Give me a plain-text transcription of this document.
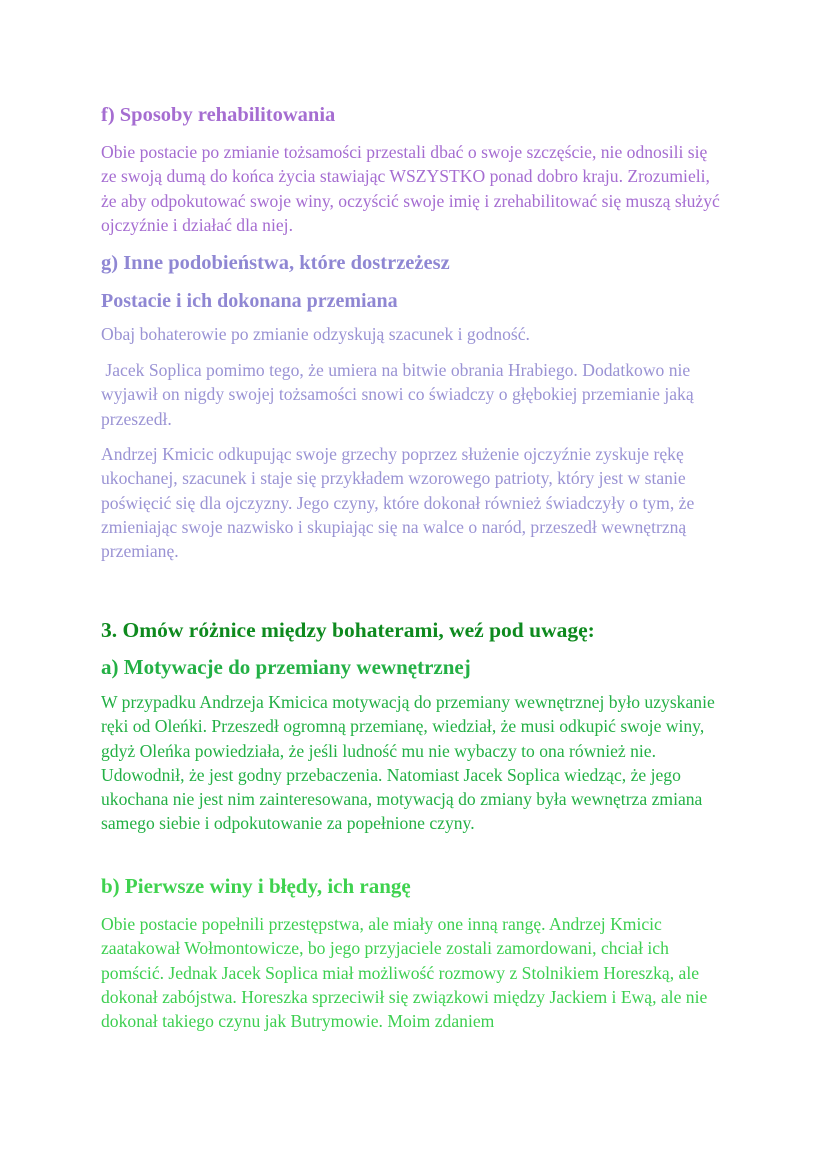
f) Sposoby rehabilitowania

Obie postacie po zmianie tożsamości przestali dbać o swoje szczęście, nie odnosili się ze swoją dumą do końca życia stawiając WSZYSTKO ponad dobro kraju. Zrozumieli, że aby odpokutować swoje winy, oczyścić swoje imię i zrehabilitować się muszą służyć ojczyźnie i działać dla niej.

g) Inne podobieństwa, które dostrzeżesz
Postacie i ich dokonana przemiana

Obaj bohaterowie po zmianie odzyskują szacunek i godność.

Jacek Soplica pomimo tego, że umiera na bitwie obrania Hrabiego. Dodatkowo nie wyjawił on nigdy swojej tożsamości snowi co świadczy o głębokiej przemianie jaką przeszedł.

Andrzej Kmicic odkupując swoje grzechy poprzez służenie ojczyźnie zyskuje rękę ukochanej, szacunek i staje się przykładem wzorowego patrioty, który jest w stanie poświęcić się dla ojczyzny. Jego czyny, które dokonał również świadczyły o tym, że zmieniając swoje nazwisko i skupiając się na walce o naród, przeszedł wewnętrzną przemianę.

3. Omów różnice między bohaterami, weź pod uwagę:
a) Motywacje do przemiany wewnętrznej

W przypadku Andrzeja Kmicica motywacją do przemiany wewnętrznej było uzyskanie ręki od Oleńki. Przeszedł ogromną przemianę, wiedział, że musi odkupić swoje winy, gdyż Oleńka powiedziała, że jeśli ludność mu nie wybaczy to ona również nie. Udowodnił, że jest godny przebaczenia. Natomiast Jacek Soplica wiedząc, że jego ukochana nie jest nim zainteresowana, motywacją do zmiany była wewnętrza zmiana samego siebie i odpokutowanie za popełnione czyny.

b) Pierwsze winy i błędy, ich rangę

Obie postacie popełnili przestępstwa, ale miały one inną rangę. Andrzej Kmicic zaatakował Wołmontowicze, bo jego przyjaciele zostali zamordowani, chciał ich pomścić. Jednak Jacek Soplica miał możliwość rozmowy z Stolnikiem Horeszką, ale dokonał zabójstwa. Horeszka sprzeciwił się związkowi między Jackiem i Ewą, ale nie dokonał takiego czynu jak Butrymowie. Moim zdaniem
